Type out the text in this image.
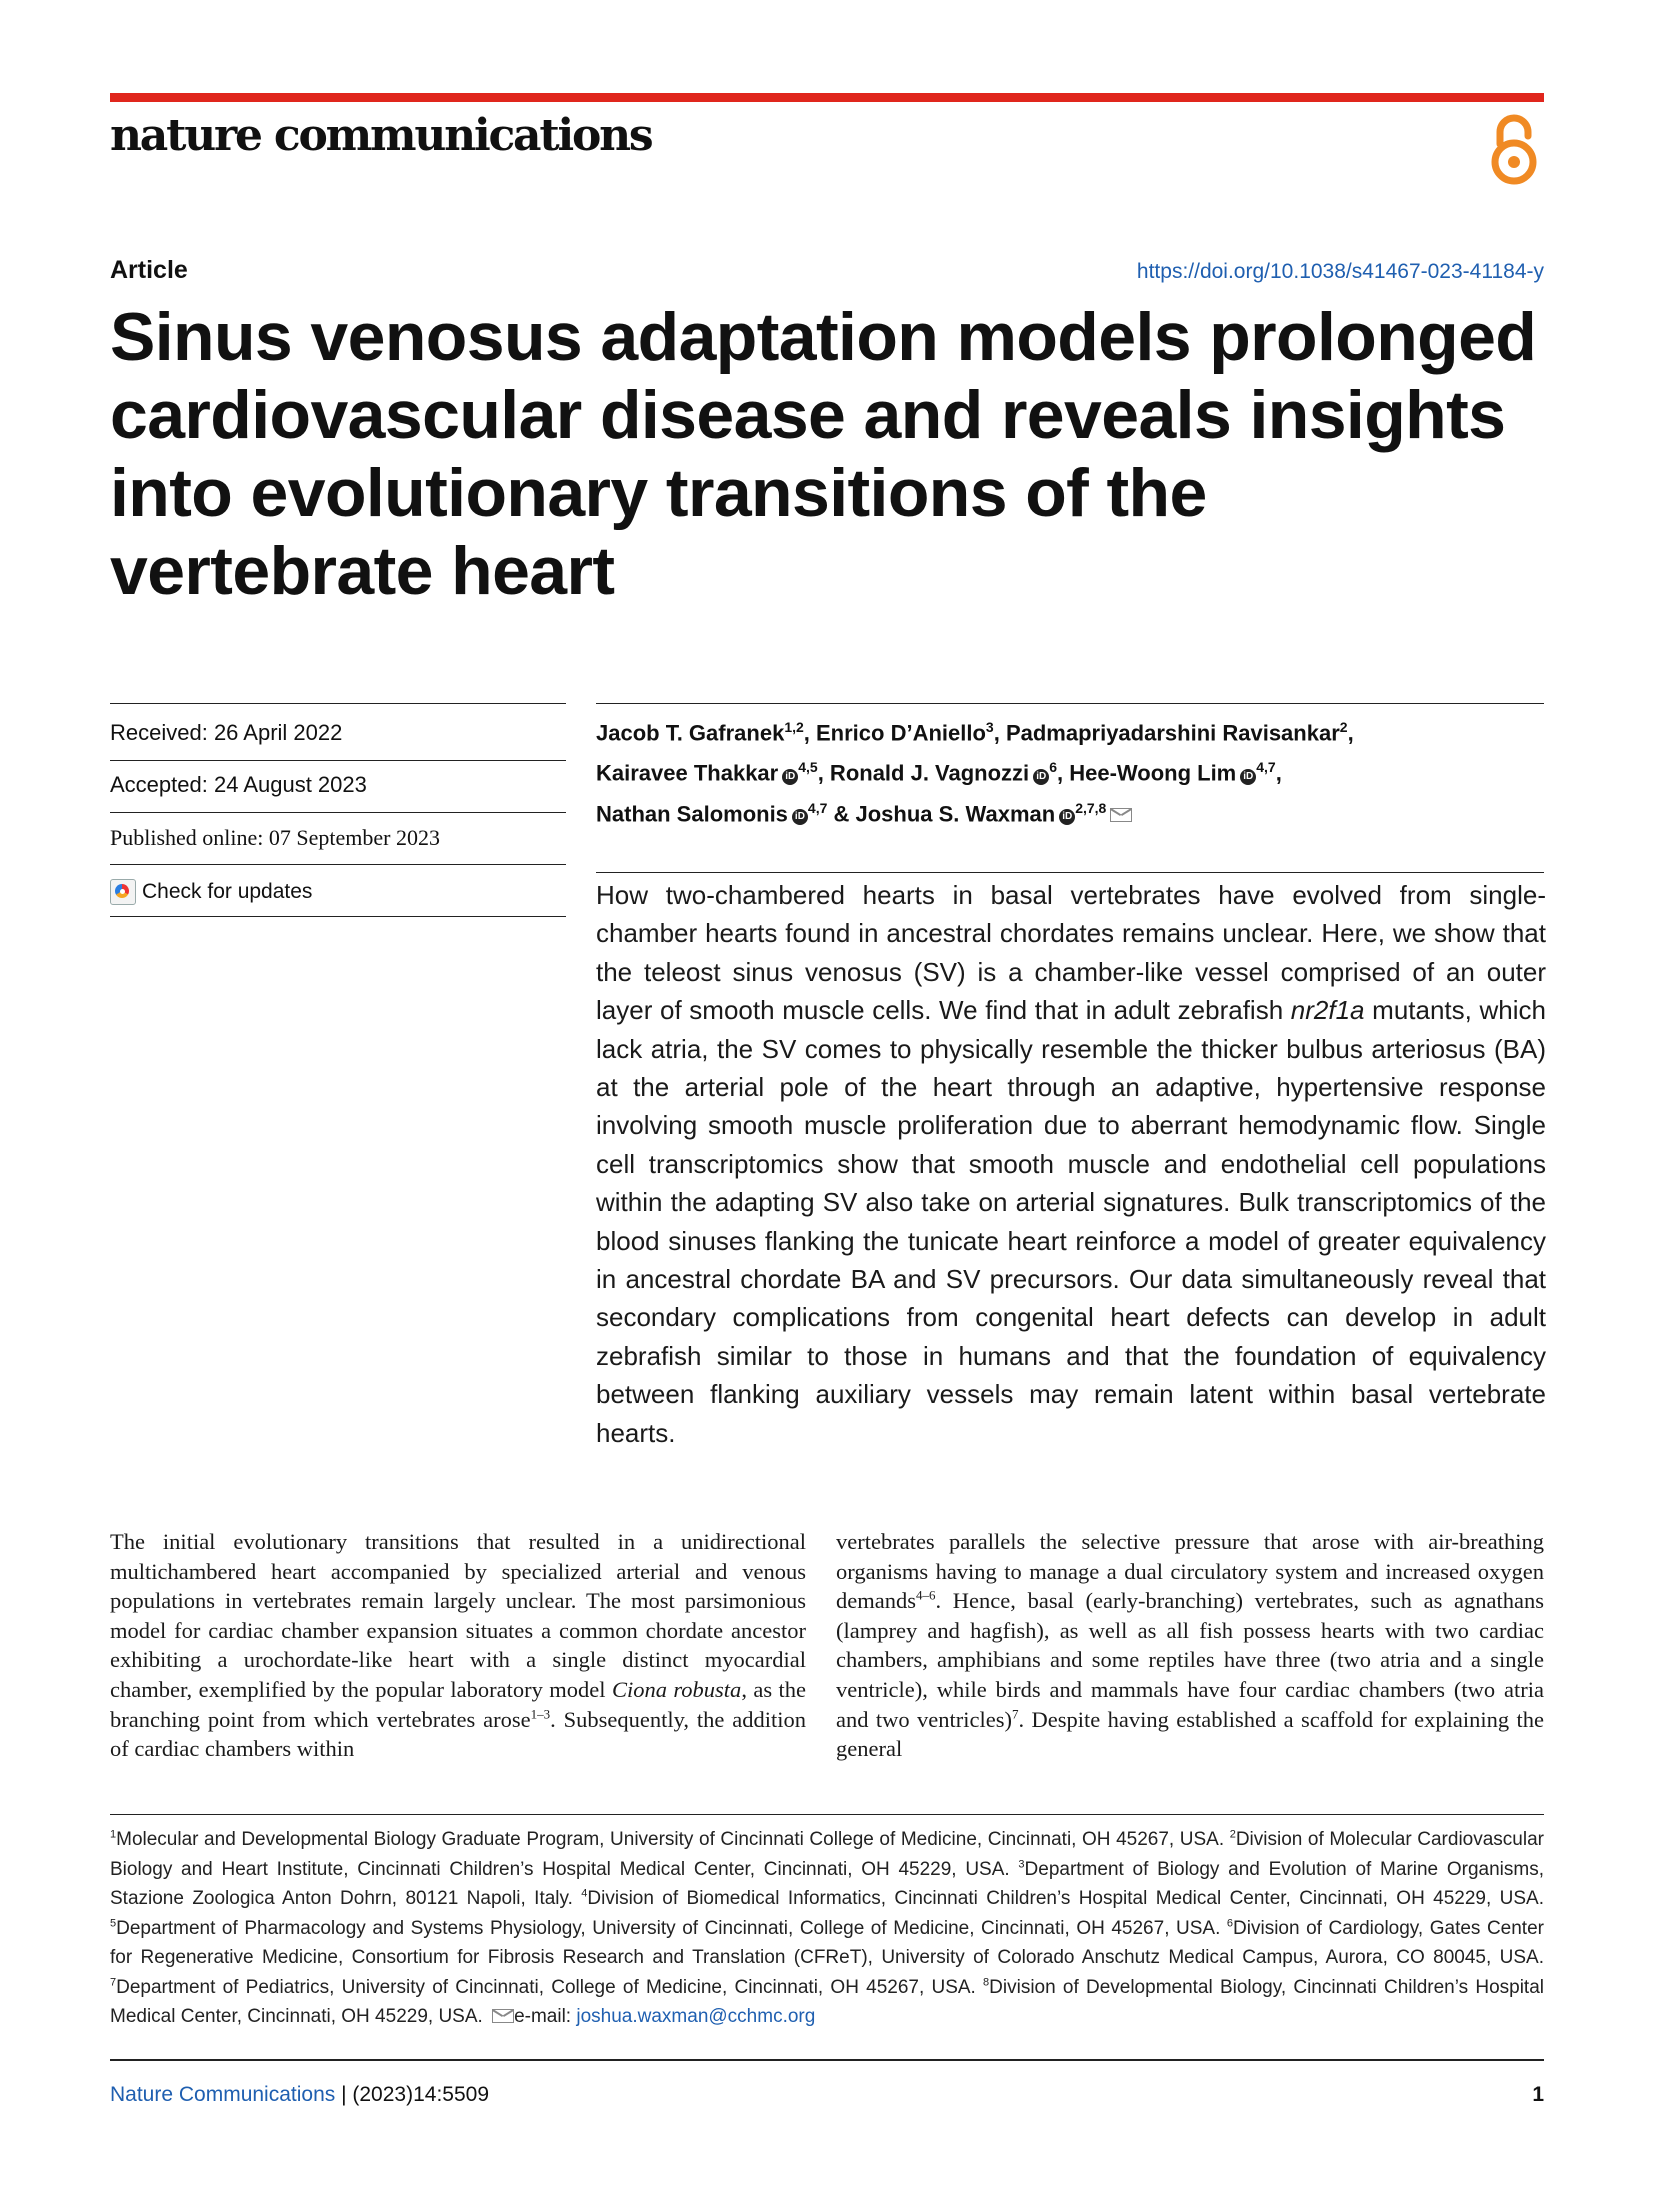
nature communications
Article	https://doi.org/10.1038/s41467-023-41184-y
Sinus venosus adaptation models prolonged
cardiovascular disease and reveals insights
into evolutionary transitions of the
vertebrate heart
Received: 26 April 2022
Accepted: 24 August 2023
Published online: 07 September 2023
Check for updates

Jacob T. Gafranek$^{1,2}$, Enrico D’Aniello$^3$, Padmapriyadarshini Ravisankar$^2$,
Kairavee Thakkar iD$^{4,5}$, Ronald J. Vagnozzi $iD^6$, Hee-Woong Lim iD$^{4,7}$,
Nathan Salomonis iD$^{4,7}$ & Joshua S. Waxman iD$^{2,7,8}$

How two-chambered hearts in basal vertebrates have evolved from single-chamber hearts found in ancestral chordates remains unclear. Here, we show that the teleost sinus venosus (SV) is a chamber-like vessel comprised of an outer layer of smooth muscle cells. We find that in adult zebrafish nr2f1a mutants, which lack atria, the SV comes to physically resemble the thicker bulbus arteriosus (BA) at the arterial pole of the heart through an adaptive, hypertensive response involving smooth muscle proliferation due to aberrant hemodynamic flow. Single cell transcriptomics show that smooth muscle and endothelial cell populations within the adapting SV also take on arterial signatures. Bulk transcriptomics of the blood sinuses flanking the tunicate heart reinforce a model of greater equivalency in ancestral chordate BA and SV precursors. Our data simultaneously reveal that secondary complications from congenital heart defects can develop in adult zebrafish similar to those in humans and that the foundation of equivalency between flanking auxiliary vessels may remain latent within basal vertebrate hearts.

The initial evolutionary transitions that resulted in a unidirectional multichambered heart accompanied by specialized arterial and venous populations in vertebrates remain largely unclear. The most parsimonious model for cardiac chamber expansion situates a common chordate ancestor exhibiting a urochordate-like heart with a single distinct myocardial chamber, exemplified by the popular laboratory model Ciona robusta, as the branching point from which vertebrates arose$^{1-3}$. Subsequently, the addition of cardiac chambers within

vertebrates parallels the selective pressure that arose with air-breathing organisms having to manage a dual circulatory system and increased oxygen demands$^{4-6}$. Hence, basal (early-branching) vertebrates, such as agnathans (lamprey and hagfish), as well as all fish possess hearts with two cardiac chambers, amphibians and some reptiles have three (two atria and a single ventricle), while birds and mammals have four cardiac chambers (two atria and two ventricles)$^7$. Despite having established a scaffold for explaining the general

$^1$Molecular and Developmental Biology Graduate Program, University of Cincinnati College of Medicine, Cincinnati, OH 45267, USA. $^2$Division of Molecular Cardiovascular Biology and Heart Institute, Cincinnati Children’s Hospital Medical Center, Cincinnati, OH 45229, USA. $^3$Department of Biology and Evolution of Marine Organisms, Stazione Zoologica Anton Dohrn, 80121 Napoli, Italy. $^4$Division of Biomedical Informatics, Cincinnati Children’s Hospital Medical Center, Cincinnati, OH 45229, USA. $^5$Department of Pharmacology and Systems Physiology, University of Cincinnati, College of Medicine, Cincinnati, OH 45267, USA. $^6$Division of Cardiology, Gates Center for Regenerative Medicine, Consortium for Fibrosis Research and Translation (CFReT), University of Colorado Anschutz Medical Campus, Aurora, CO 80045, USA. $^7$Department of Pediatrics, University of Cincinnati, College of Medicine, Cincinnati, OH 45267, USA. $^8$Division of Developmental Biology, Cincinnati Children’s Hospital Medical Center, Cincinnati, OH 45229, USA. e-mail: joshua.waxman@cchmc.org

Nature Communications | (2023)14:5509	1
